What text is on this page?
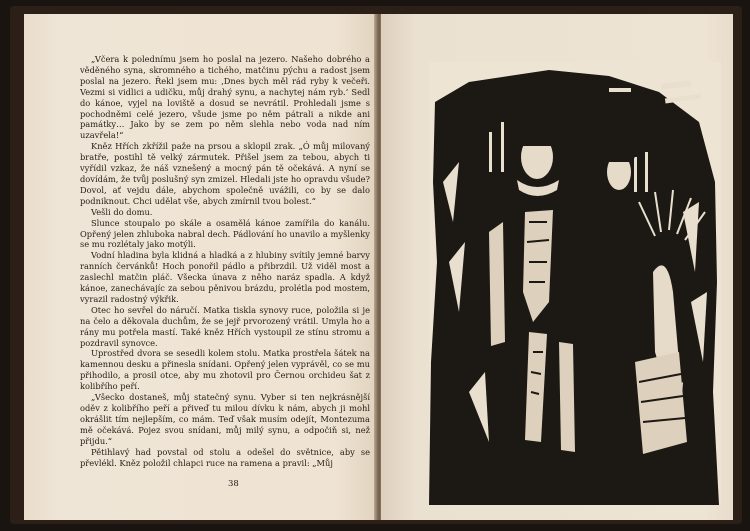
„Včera k polednímu jsem ho poslal na jezero. Našeho dobrého a věděného syna, skromného a tichého, matčinu pýchu a radost jsem poslal na jezero. Řekl jsem mu: ‚Dnes bych měl rád ryby k večeři. Vezmi si vidlici a udičku, můj drahý synu, a nachytej nám ryb.‘ Sedl do kánoe, vyjel na loviště a dosud se nevrátil. Prohledali jsme s pochodněmi celé jezero, všude jsme po něm pátrali a nikde ani památky… Jako by se zem po něm slehla nebo voda nad ním uzavřela!“

Kněz Hřích zkřížil paže na prsou a sklopil zrak. „Ó můj milovaný bratře, postihl tě velký zármutek. Přišel jsem za tebou, abych ti vyřídil vzkaz, že náš vznešený a mocný pán tě očekává. A nyní se dovídám, že tvůj poslušný syn zmizel. Hledali jste ho opravdu všude? Dovol, ať vejdu dále, abychom společně uvážili, co by se dalo podniknout. Chci udělat vše, abych zmírnil tvou bolest.“

Vešli do domu.

Slunce stoupalo po skále a osamělá kánoe zamířila do kanálu. Opřený jelen zhluboka nabral dech. Pádlování ho unavilo a myšlenky se mu rozlétaly jako motýli.

Vodní hladina byla klidná a hladká a z hlubiny svítily jemné barvy ranních červánků! Hoch ponořil pádlo a přibrzdil. Už viděl most a zaslechl matčin pláč. Všecka únava z něho naráz spadla. A když kánoe, zanechávajíc za sebou pěnivou brázdu, prolétla pod mostem, vyrazil radostný výkřik.

Otec ho sevřel do náručí. Matka tiskla synovy ruce, položila si je na čelo a děkovala duchům, že se jejř prvorozený vrátil. Umyla ho a rány mu potřela mastí. Také kněz Hřích vystoupil ze stínu stromu a pozdravil synovce.

Uprostřed dvora se sesedli kolem stolu. Matka prostřela šátek na kamennou desku a přinesla snídani. Opřený jelen vyprávěl, co se mu přihodilo, a prosil otce, aby mu zhotovil pro Černou orchideu šat z kolibřího peří.

„Všecko dostaneš, můj statečný synu. Vyber si ten nejkrásnější oděv z kolibřího peří a přiveď tu milou dívku k nám, abych ji mohl okrášlit tím nejlepším, co mám. Teď však musím odejít, Montezuma mě očekává. Pojez svou snídani, můj milý synu, a odpočiň si, než přijdu.“

Pětihlavý had povstal od stolu a odešel do světnice, aby se převlékl. Kněz položil chlapci ruce na ramena a pravil: „Můj

38
